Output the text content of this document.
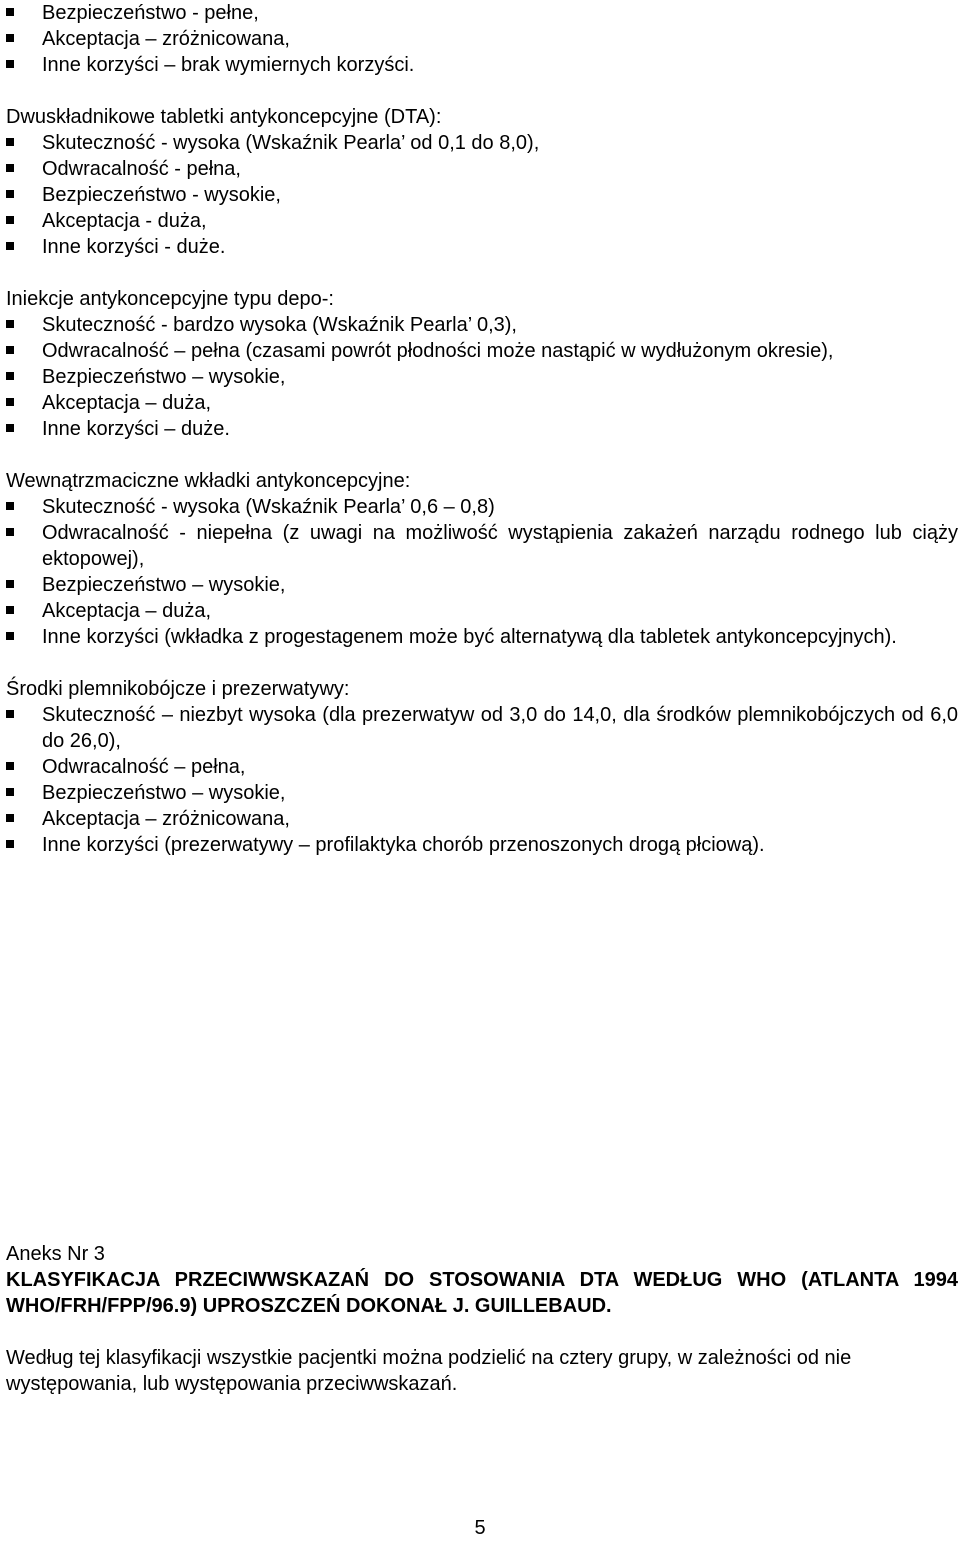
Bezpieczeństwo - pełne,
Akceptacja – zróżnicowana,
Inne korzyści – brak wymiernych korzyści.
Dwuskładnikowe tabletki antykoncepcyjne (DTA):
Skuteczność - wysoka (Wskaźnik Pearla’ od 0,1 do 8,0),
Odwracalność - pełna,
Bezpieczeństwo - wysokie,
Akceptacja - duża,
Inne korzyści - duże.
Iniekcje antykoncepcyjne typu depo-:
Skuteczność - bardzo wysoka (Wskaźnik Pearla’ 0,3),
Odwracalność – pełna (czasami powrót płodności może nastąpić w wydłużonym okresie),
Bezpieczeństwo – wysokie,
Akceptacja – duża,
Inne korzyści – duże.
Wewnątrzmaciczne wkładki antykoncepcyjne:
Skuteczność - wysoka (Wskaźnik Pearla’ 0,6 – 0,8)
Odwracalność - niepełna (z uwagi na możliwość wystąpienia zakażeń narządu rodnego lub ciąży ektopowej),
Bezpieczeństwo – wysokie,
Akceptacja – duża,
Inne korzyści (wkładka z progestagenem może być alternatywą dla tabletek antykoncepcyjnych).
Środki plemnikobójcze i prezerwatywy:
Skuteczność – niezbyt wysoka (dla prezerwatyw od 3,0 do 14,0, dla środków plemnikobójczych od 6,0 do 26,0),
Odwracalność – pełna,
Bezpieczeństwo – wysokie,
Akceptacja – zróżnicowana,
Inne korzyści (prezerwatywy – profilaktyka chorób przenoszonych drogą płciową).

Aneks Nr 3

KLASYFIKACJA PRZECIWWSKAZAŃ DO STOSOWANIA DTA WEDŁUG WHO (ATLANTA 1994 WHO/FRH/FPP/96.9) UPROSZCZEŃ DOKONAŁ J. GUILLEBAUD.

Według tej klasyfikacji wszystkie pacjentki można podzielić na cztery grupy, w zależności od nie występowania, lub występowania przeciwwskazań.

5
